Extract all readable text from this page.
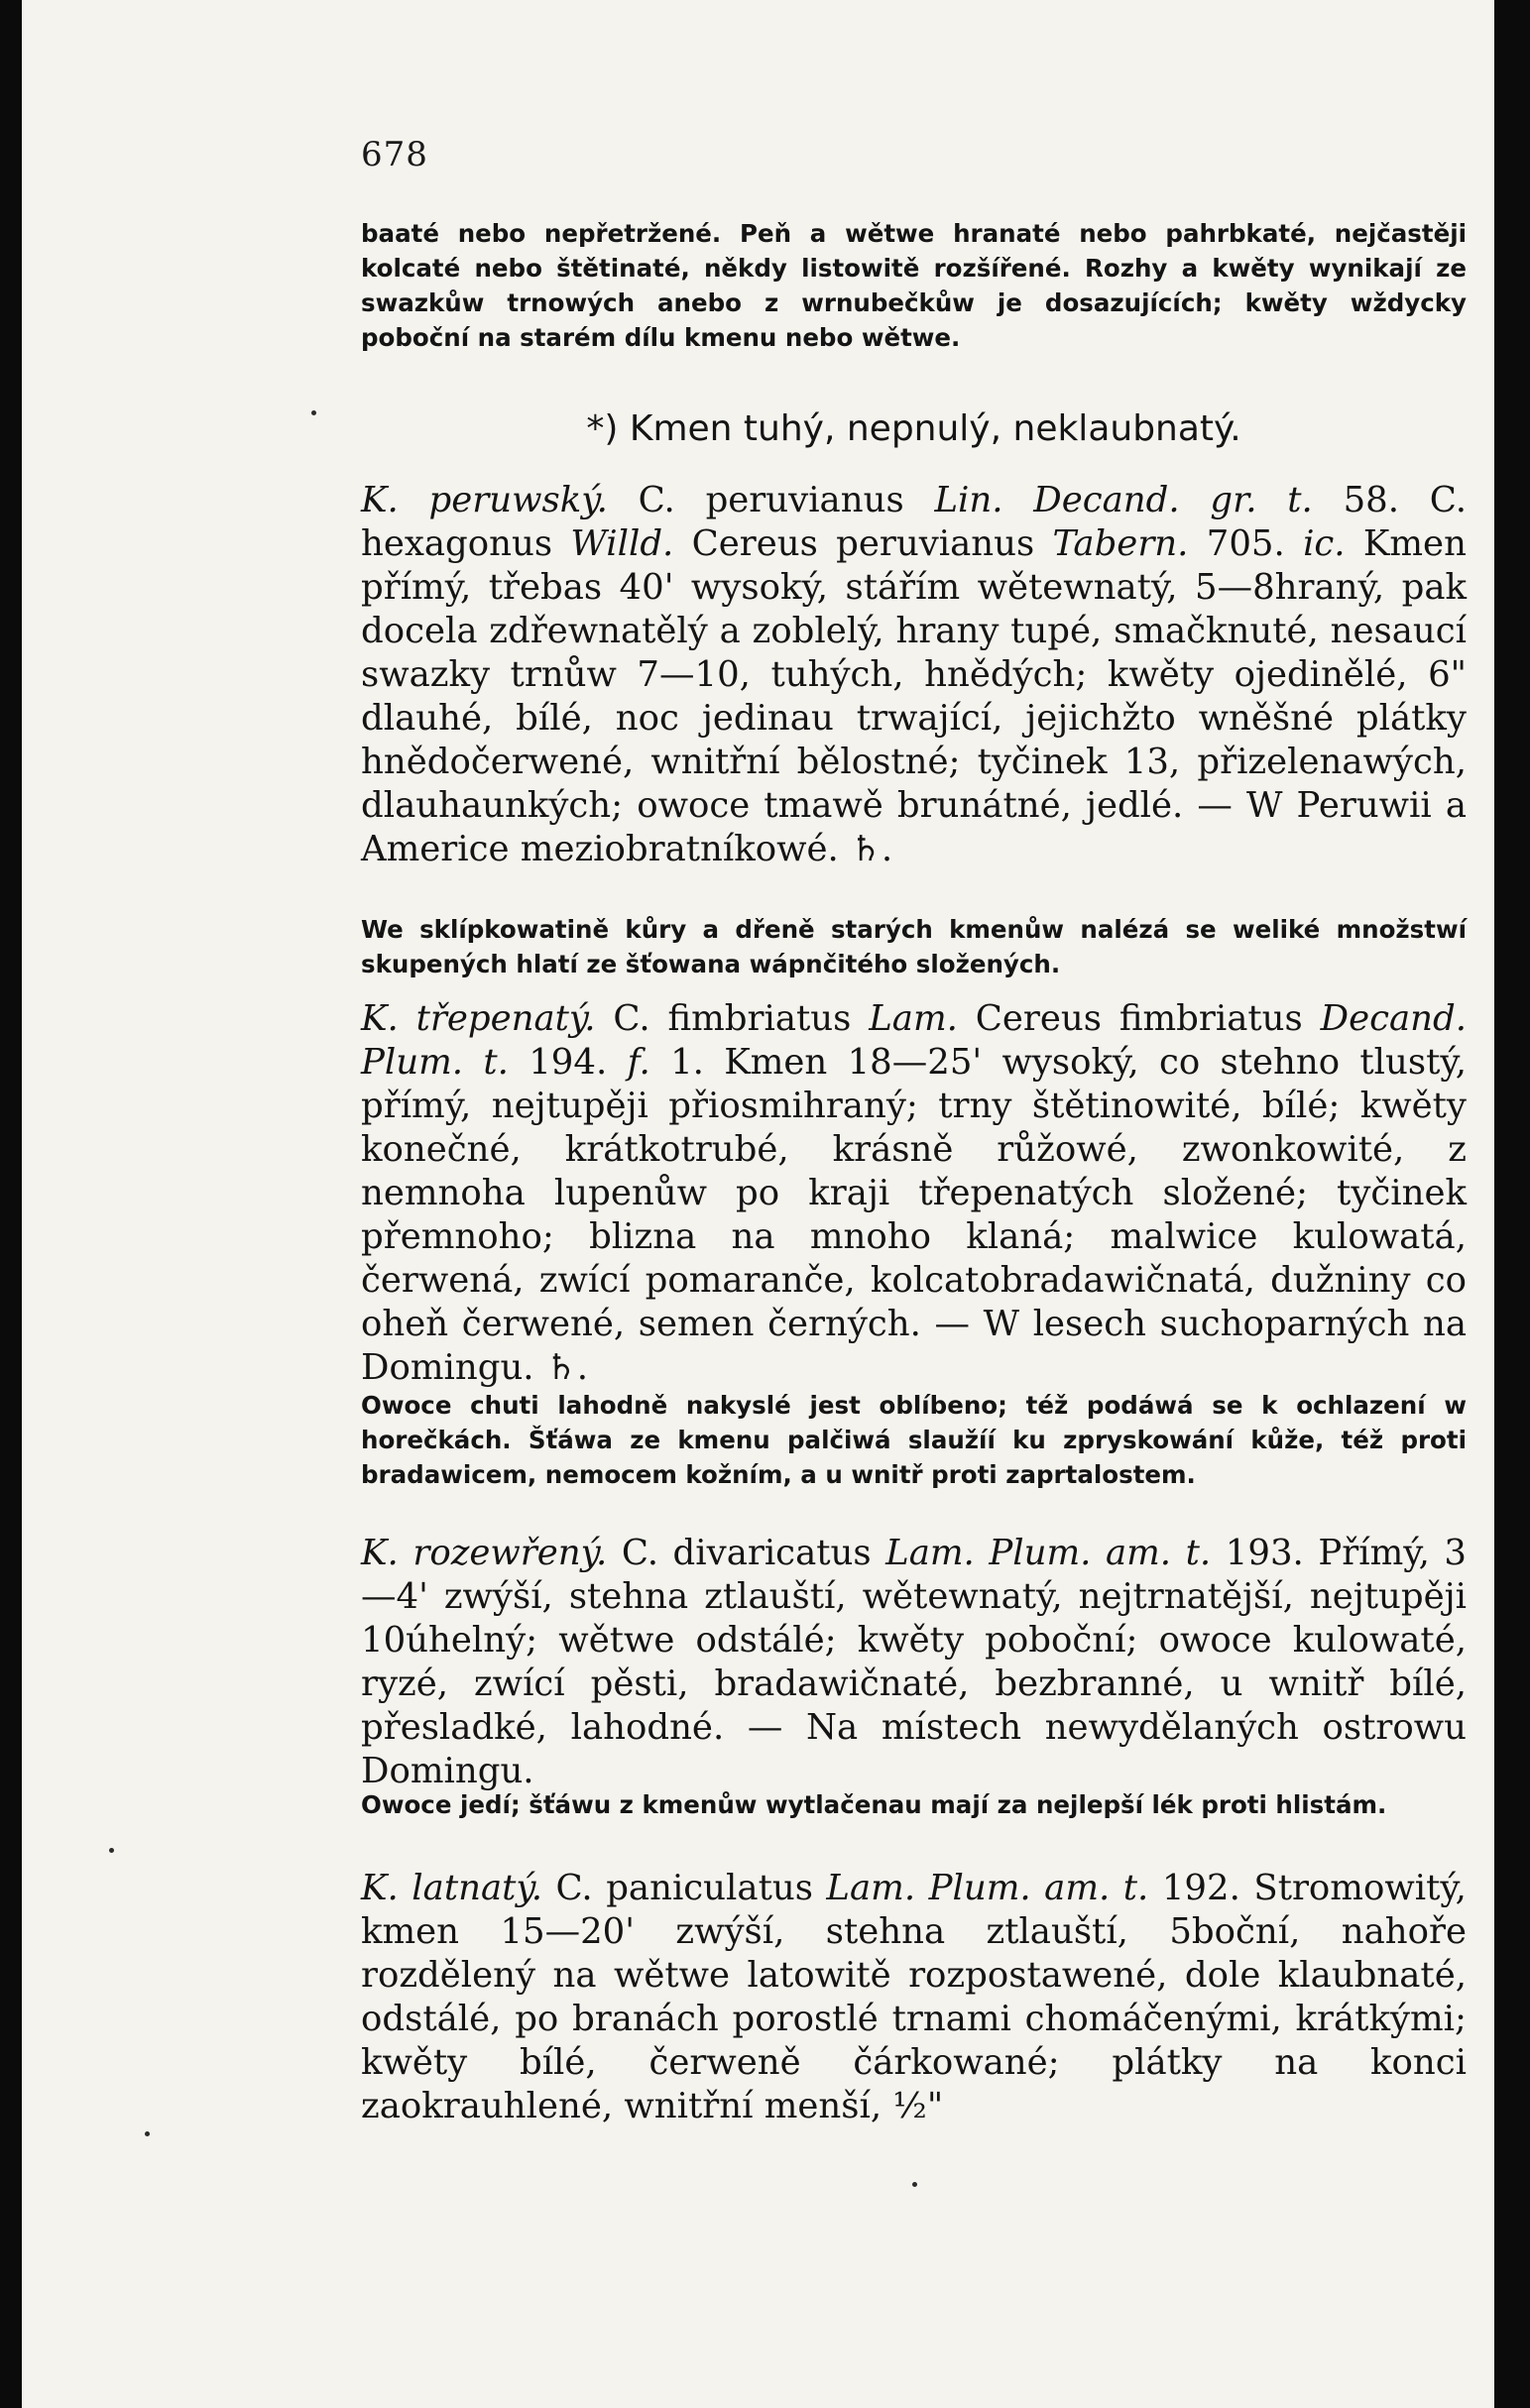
678

baaté nebo nepřetržené. Peň a wětwe hranaté nebo pahrbkaté, nejčastěji kolcaté nebo štětinaté, někdy listowitě rozšířené. Rozhy a kwěty wynikají ze swazkůw trnowých anebo z wrnubečkůw je dosazujících; kwěty wždycky poboční na starém dílu kmenu nebo wětwe.

*) Kmen tuhý, nepnulý, neklaubnatý.

K. peruwský. C. peruvianus Lin. Decand. gr. t. 58. C. hexagonus Willd. Cereus peruvianus Tabern. 705. ic. Kmen přímý, třebas 40' wysoký, stářím wětewnatý, 5—8hraný, pak docela zdřewnatělý a zoblelý, hrany tupé, smačknuté, nesaucí swazky trnůw 7—10, tuhých, hnědých; kwěty ojedinělé, 6" dlauhé, bílé, noc jedinau trwající, jejichžto wněšné plátky hnědočerwené, wnitřní bělostné; tyčinek 13, přizelenawých, dlauhaunkých; owoce tmawě brunátné, jedlé. — W Peruwii a Americe meziobratníkowé. ♄.

We sklípkowatině kůry a dřeně starých kmenůw nalézá se weliké množstwí skupených hlatí ze šťowana wápnčitého složených.

K. třepenatý. C. fimbriatus Lam. Cereus fimbriatus Decand. Plum. t. 194. f. 1. Kmen 18—25' wysoký, co stehno tlustý, přímý, nejtupěji přiosmihraný; trny štětinowité, bílé; kwěty konečné, krátkotrubé, krásně růžowé, zwonkowité, z nemnoha lupenůw po kraji třepenatých složené; tyčinek přemnoho; blizna na mnoho klaná; malwice kulowatá, čerwená, zwící pomaranče, kolcatobradawičnatá, dužniny co oheň čerwené, semen černých. — W lesech suchoparných na Domingu. ♄.

Owoce chuti lahodně nakyslé jest oblíbeno; též podáwá se k ochlazení w horečkách. Šťáwa ze kmenu palčiwá slaužíí ku zpryskowání kůže, též proti bradawicem, nemocem kožním, a u wnitř proti zaprtalostem.

K. rozewřený. C. divaricatus Lam. Plum. am. t. 193. Přímý, 3—4' zwýší, stehna ztlauští, wětewnatý, nejtrnatější, nejtupěji 10úhelný; wětwe odstálé; kwěty poboční; owoce kulowaté, ryzé, zwící pěsti, bradawičnaté, bezbranné, u wnitř bílé, přesladké, lahodné. — Na místech newydělaných ostrowu Domingu.

Owoce jedí; šťáwu z kmenůw wytlačenau mají za nejlepší lék proti hlistám.

K. latnatý. C. paniculatus Lam. Plum. am. t. 192. Stromowitý, kmen 15—20' zwýší, stehna ztlauští, 5boční, nahoře rozdělený na wětwe latowitě rozpostawené, dole klaubnaté, odstálé, po branách porostlé trnami chomáčenými, krátkými; kwěty bílé, čerweně čárkowané; plátky na konci zaokrauhlené, wnitřní menší, ½"
